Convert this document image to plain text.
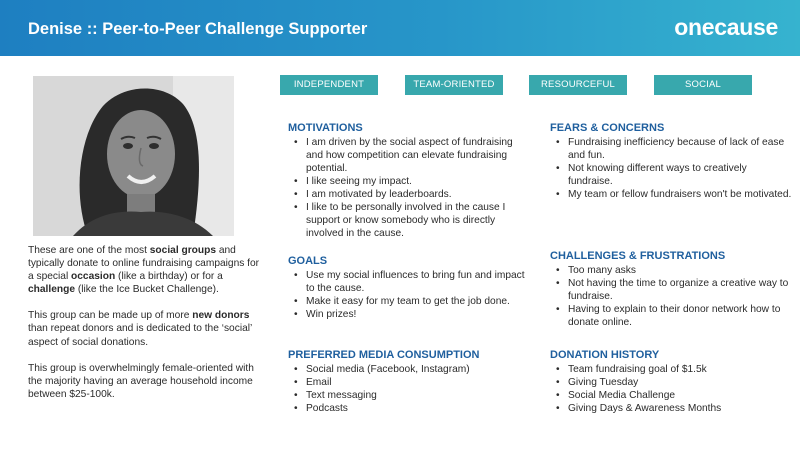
Denise :: Peer-to-Peer Challenge Supporter	onecause

These are one of the most social groups and typically donate to online fundraising campaigns for a special occasion (like a birthday) or for a challenge (like the Ice Bucket Challenge).

This group can be made up of more new donors than repeat donors and is dedicated to the ‘social’ aspect of social donations.

This group is overwhelmingly female-oriented with the majority having an average household income between $25-100k.

INDEPENDENT	TEAM-ORIENTED	RESOURCEFUL	SOCIAL
MOTIVATIONS
• I am driven by the social aspect of fundraising and how competition can elevate fundraising potential.
• I like seeing my impact.
• I am motivated by leaderboards.
• I like to be personally involved in the cause I support or know somebody who is directly involved in the cause.
GOALS
• Use my social influences to bring fun and impact to the cause.
• Make it easy for my team to get the job done.
• Win prizes!
PREFERRED MEDIA CONSUMPTION
• Social media (Facebook, Instagram)
• Email
• Text messaging
• Podcasts
FEARS & CONCERNS
• Fundraising inefficiency because of lack of ease and fun.
• Not knowing different ways to creatively fundraise.
• My team or fellow fundraisers won't be motivated.
CHALLENGES & FRUSTRATIONS
• Too many asks
• Not having the time to organize a creative way to fundraise.
• Having to explain to their donor network how to donate online.
DONATION HISTORY
• Team fundraising goal of $1.5k
• Giving Tuesday
• Social Media Challenge
• Giving Days & Awareness Months
